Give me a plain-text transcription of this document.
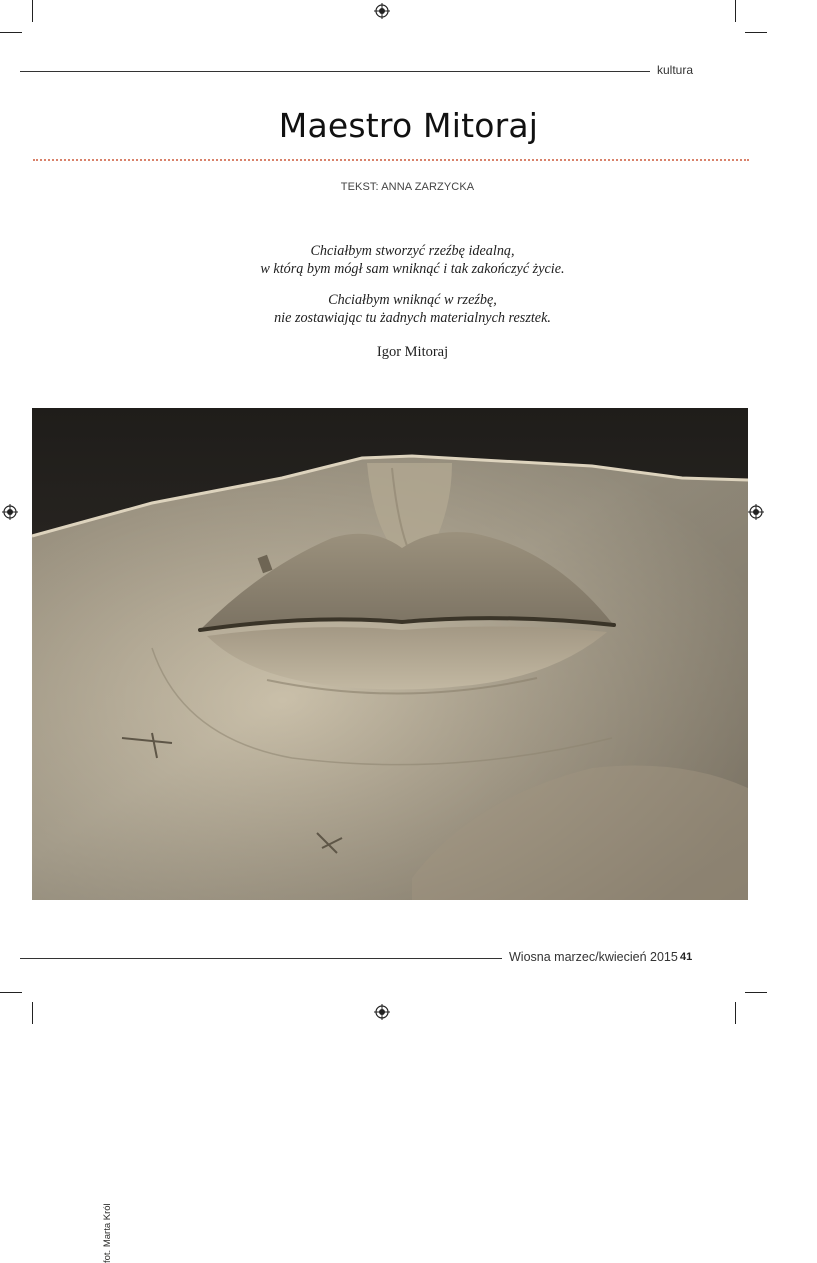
kultura
Maestro Mitoraj
TEKST: ANNA ZARZYCKA

Chciałbym stworzyć rzeźbę idealną,

w którą bym mógł sam wniknąć i tak zakończyć życie.

Chciałbym wniknąć w rzeźbę,

nie zostawiając tu żadnych materialnych resztek.

Igor Mitoraj
fot. Marta Król
Wiosna marzec/kwiecień 2015 41
